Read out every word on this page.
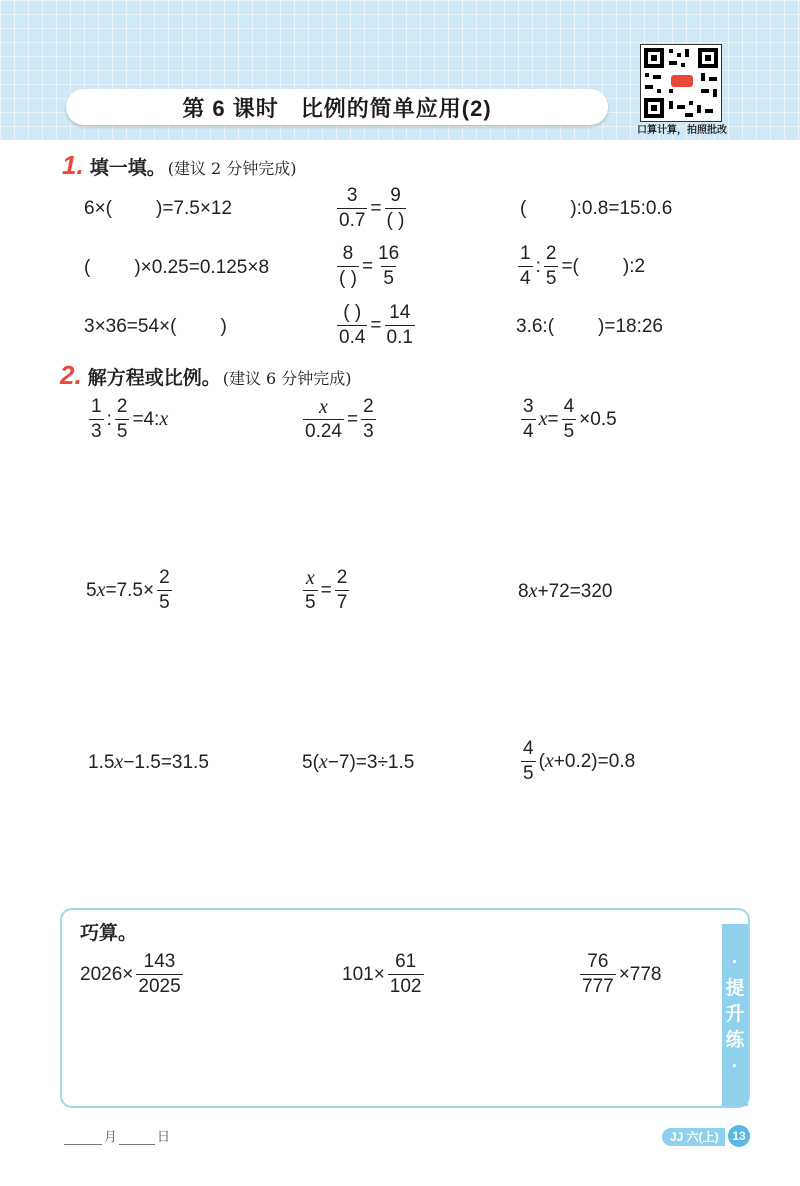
第 6 课时 比例的简单应用(2)
口算计算，拍照批改
1. 填一填。 (建议 2 分钟完成)
6×( )=7.5×12	$\frac{3}{0.7} = \frac{9}{( )}$	( ):0.8=15:0.6
( )×0.25=0.125×8	$\frac{8}{( )} = \frac{16}{5}$	$\frac{1}{4}$ : $\frac{2}{5}$ =( ):2
3×36=54×( )	$\frac{( )}{0.4} = \frac{14}{0.1}$	3.6:( )=18:26
2. 解方程或比例。 (建议 6 分钟完成)
$\frac{1}{3}$ : $\frac{2}{5} =4$: x	$\frac{x}{0.24} = \frac{2}{3}$	$\frac{3}{4}$ $x = \frac{4}{5} \times 0.5$
5 $x =7.5\times \frac{2}{5}$	$\frac{x}{5} = \frac{2}{7}$	8 x +72=320
1.5 x −1.5=31.5	5( x −7)=3÷1.5	$\frac{4}{5}$ ( x +0.2)=0.8
·
提
升
练
·
巧算。
$2026\times \frac{143}{2025}$	$101\times \frac{61}{102}$	$\frac{76}{777} \times 778$
月	日	JJ 六(上)	13
